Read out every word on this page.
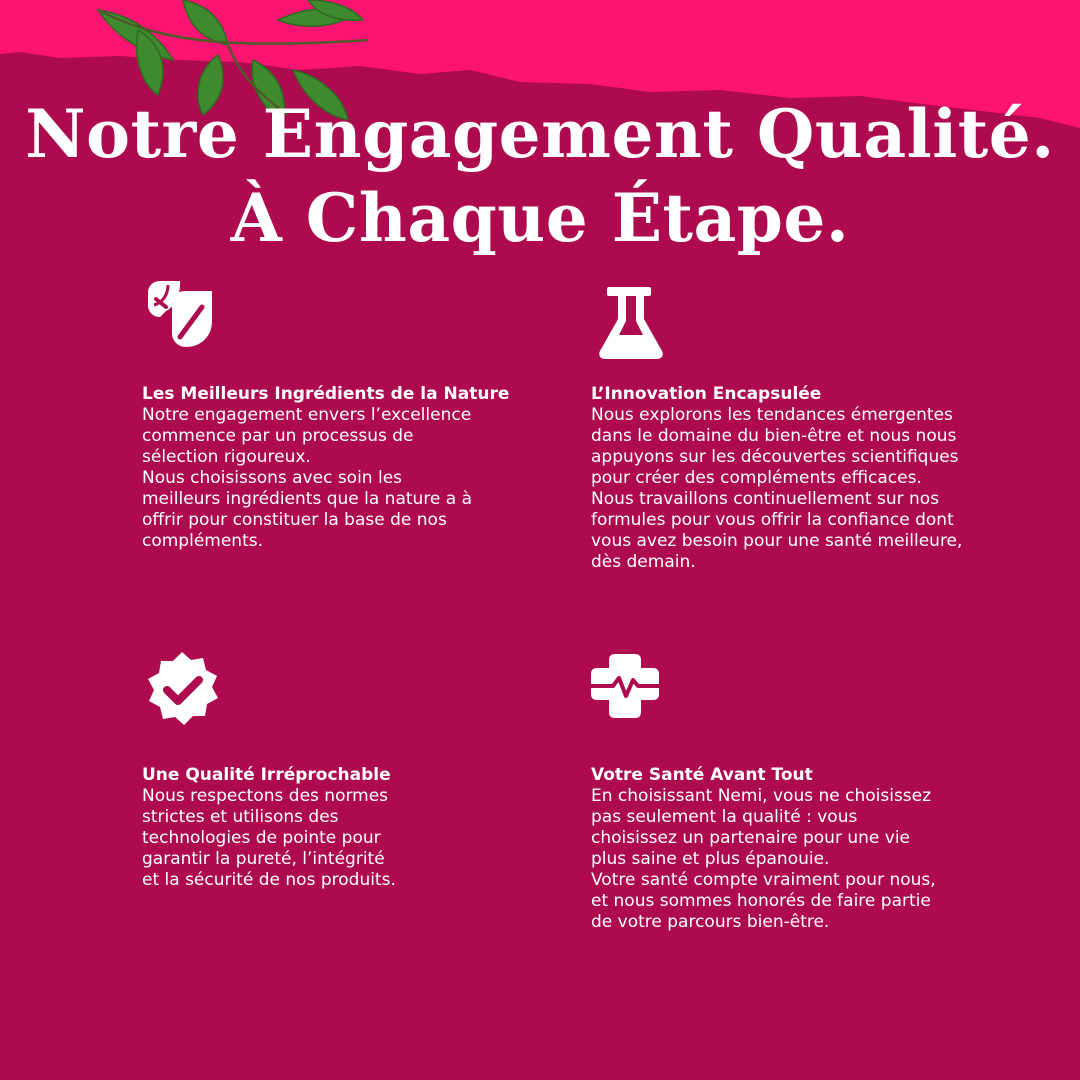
Notre Engagement Qualité.
À Chaque Étape.
Les Meilleurs Ingrédients de la Nature

Notre engagement envers l’excellence
commence par un processus de
sélection rigoureux.
Nous choisissons avec soin les
meilleurs ingrédients que la nature a à
offrir pour constituer la base de nos
compléments.

L’Innovation Encapsulée

Nous explorons les tendances émergentes
dans le domaine du bien-être et nous nous
appuyons sur les découvertes scientifiques
pour créer des compléments efficaces.
Nous travaillons continuellement sur nos
formules pour vous offrir la confiance dont
vous avez besoin pour une santé meilleure,
dès demain.

Une Qualité Irréprochable

Nous respectons des normes
strictes et utilisons des
technologies de pointe pour
garantir la pureté, l’intégrité
et la sécurité de nos produits.

Votre Santé Avant Tout

En choisissant Nemi, vous ne choisissez
pas seulement la qualité : vous
choisissez un partenaire pour une vie
plus saine et plus épanouie.
Votre santé compte vraiment pour nous,
et nous sommes honorés de faire partie
de votre parcours bien-être.
